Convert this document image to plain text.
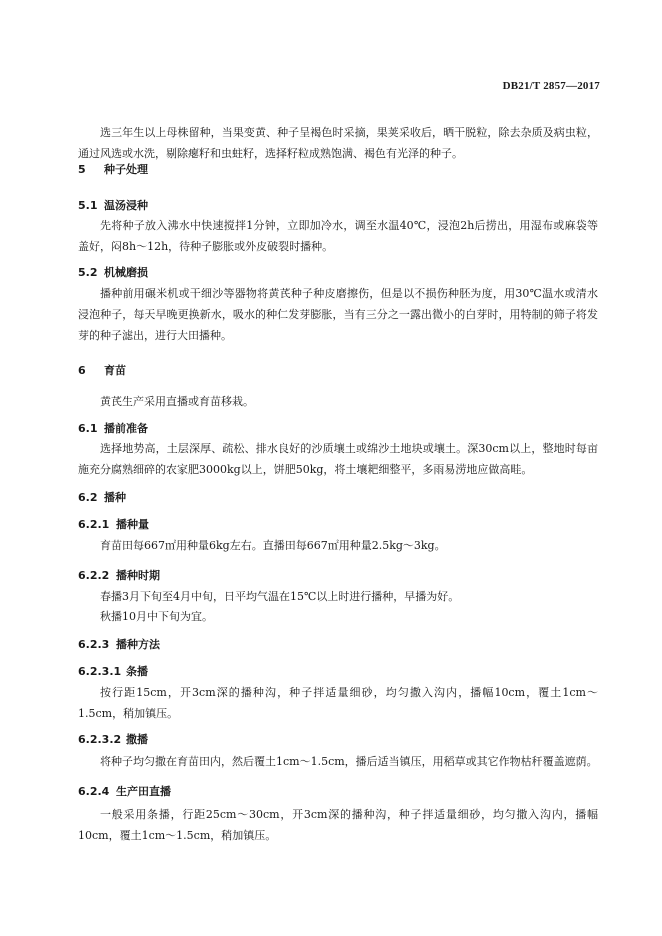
DB21/T 2857—2017

选三年生以上母株留种，当果变黄、种子呈褐色时采摘，果荚采收后，晒干脱粒，除去杂质及病虫粒，通过风选或水洗，剔除瘪籽和虫蛀籽，选择籽粒成熟饱满、褐色有光泽的种子。

5 种子处理
5.1 温汤浸种

先将种子放入沸水中快速搅拌1分钟，立即加冷水，调至水温40℃，浸泡2h后捞出，用湿布或麻袋等盖好，闷8h～12h，待种子膨胀或外皮破裂时播种。

5.2 机械磨损

播种前用碾米机或干细沙等器物将黄芪种子种皮磨擦伤，但是以不损伤种胚为度，用30℃温水或清水浸泡种子，每天早晚更换新水，吸水的种仁发芽膨胀，当有三分之一露出微小的白芽时，用特制的筛子将发芽的种子滤出，进行大田播种。

6 育苗

黄芪生产采用直播或育苗移栽。

6.1 播前准备

选择地势高，土层深厚、疏松、排水良好的沙质壤土或绵沙土地块或壤土。深30cm以上，整地时每亩施充分腐熟细碎的农家肥3000kg以上，饼肥50kg，将土壤耙细整平，多雨易涝地应做高畦。

6.2 播种
6.2.1 播种量

育苗田每667㎡用种量6kg左右。直播田每667㎡用种量2.5kg～3kg。

6.2.2 播种时期

春播3月下旬至4月中旬，日平均气温在15℃以上时进行播种，早播为好。

秋播10月中下旬为宜。

6.2.3 播种方法
6.2.3.1 条播

按行距15cm，开3cm深的播种沟，种子拌适量细砂，均匀撒入沟内，播幅10cm，覆土1cm～1.5cm，稍加镇压。

6.2.3.2 撒播

将种子均匀撒在育苗田内，然后覆土1cm～1.5cm，播后适当镇压，用稻草或其它作物枯秆覆盖遮荫。

6.2.4 生产田直播

一般采用条播，行距25cm～30cm，开3cm深的播种沟，种子拌适量细砂，均匀撒入沟内，播幅10cm，覆土1cm～1.5cm，稍加镇压。
